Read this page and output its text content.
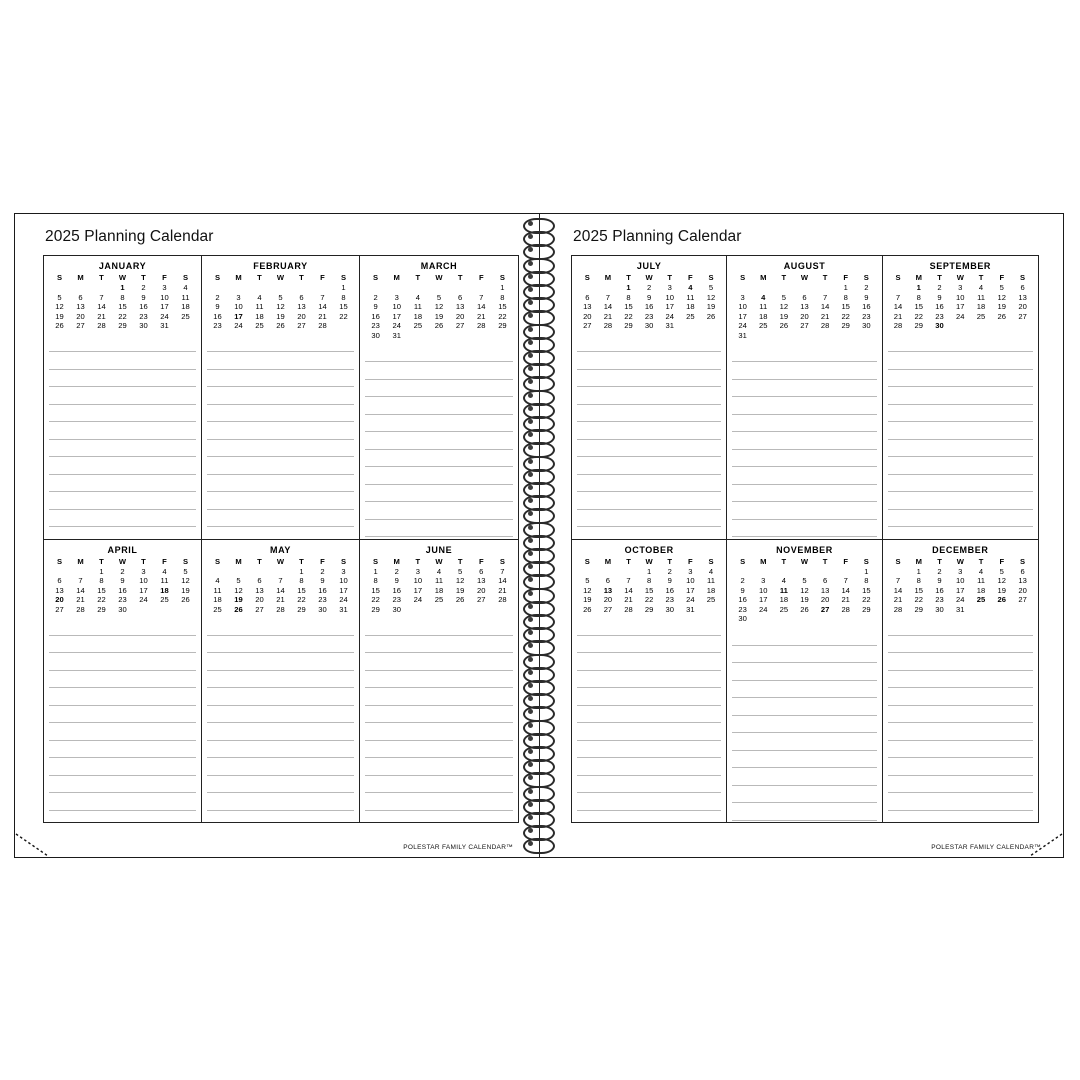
2025 Planning Calendar
JANUARY
S	M	T	W	T	F	S
			1	2	3	4
5	6	7	8	9	10	11
12	13	14	15	16	17	18
19	20	21	22	23	24	25
26	27	28	29	30	31	
FEBRUARY
S	M	T	W	T	F	S
						1
2	3	4	5	6	7	8
9	10	11	12	13	14	15
16	17	18	19	20	21	22
23	24	25	26	27	28	
MARCH
S	M	T	W	T	F	S
						1
2	3	4	5	6	7	8
9	10	11	12	13	14	15
16	17	18	19	20	21	22
23	24	25	26	27	28	29
30	31					
APRIL
S	M	T	W	T	F	S
		1	2	3	4	5
6	7	8	9	10	11	12
13	14	15	16	17	18	19
20	21	22	23	24	25	26
27	28	29	30			
MAY
S	M	T	W	T	F	S
				1	2	3
4	5	6	7	8	9	10
11	12	13	14	15	16	17
18	19	20	21	22	23	24
25	26	27	28	29	30	31
JUNE
S	M	T	W	T	F	S
1	2	3	4	5	6	7
8	9	10	11	12	13	14
15	16	17	18	19	20	21
22	23	24	25	26	27	28
29	30					
POLESTAR FAMILY CALENDAR™
2025 Planning Calendar
JULY
S	M	T	W	T	F	S
		1	2	3	4	5
6	7	8	9	10	11	12
13	14	15	16	17	18	19
20	21	22	23	24	25	26
27	28	29	30	31		
AUGUST
S	M	T	W	T	F	S
					1	2
3	4	5	6	7	8	9
10	11	12	13	14	15	16
17	18	19	20	21	22	23
24	25	26	27	28	29	30
31						
SEPTEMBER
S	M	T	W	T	F	S
	1	2	3	4	5	6
7	8	9	10	11	12	13
14	15	16	17	18	19	20
21	22	23	24	25	26	27
28	29	30				
OCTOBER
S	M	T	W	T	F	S
			1	2	3	4
5	6	7	8	9	10	11
12	13	14	15	16	17	18
19	20	21	22	23	24	25
26	27	28	29	30	31	
NOVEMBER
S	M	T	W	T	F	S
						1
2	3	4	5	6	7	8
9	10	11	12	13	14	15
16	17	18	19	20	21	22
23	24	25	26	27	28	29
30						
DECEMBER
S	M	T	W	T	F	S
	1	2	3	4	5	6
7	8	9	10	11	12	13
14	15	16	17	18	19	20
21	22	23	24	25	26	27
28	29	30	31			
POLESTAR FAMILY CALENDAR™
